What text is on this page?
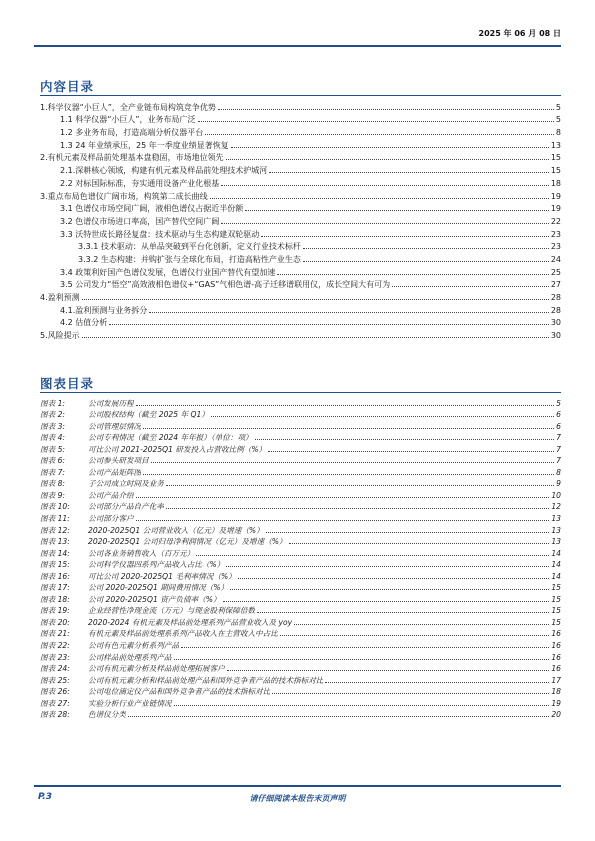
2025 年 06 月 08 日
内容目录
1.科学仪器“小巨人”，全产业链布局构筑竞争优势	5
1.1 科学仪器“小巨人”，业务布局广泛	5
1.2 多业务布局，打造高端分析仪器平台	8
1.3 24 年业绩承压，25 年一季度业绩显著恢复	13
2.有机元素及样品前处理基本盘稳固，市场地位领先	15
2.1.深耕核心领域，构建有机元素及样品前处理技术护城河	15
2.2 对标国际标准，夯实通用设备产业化根基	18
3.重点布局色谱仪广阔市场，构筑第二成长曲线	19
3.1 色谱仪市场空间广阔，液相色谱仪占据近半份额	19
3.2 色谱仪市场进口率高，国产替代空间广阔	22
3.3 沃特世成长路径复盘：技术驱动与生态构建双轮驱动	23
3.3.1 技术驱动：从单品突破到平台化创新，定义行业技术标杆	23
3.3.2 生态构建：并购扩张与全球化布局，打造高粘性产业生态	24
3.4 政策利好国产色谱仪发展，色谱仪行业国产替代有望加速	25
3.5 公司发力“悟空”高效液相色谱仪+“GAS”气相色谱-高子迁移谱联用仪，成长空间大有可为	27
4.盈利预测	28
4.1.盈利预测与业务拆分	28
4.2 估值分析	30
5.风险提示	30
图表目录
图表 1:	公司发展历程	5
图表 2:	公司股权结构（截至 2025 年 Q1）	6
图表 3:	公司管理层情况	6
图表 4:	公司专利情况（截至 2024 年年报）（单位：项）	7
图表 5:	可比公司 2021-2025Q1 研发投入占营收比例（%）	7
图表 6:	公司参头研发项目	7
图表 7:	公司产品矩阵图	8
图表 8:	子公司成立时间及业务	9
图表 9:	公司产品介绍	10
图表 10:	公司部分产品自产化率	12
图表 11:	公司部分客户	13
图表 12:	2020-2025Q1 公司营业收入（亿元）及增速（%）	13
图表 13:	2020-2025Q1 公司归母净利润情况（亿元）及增速（%）	13
图表 14:	公司各业务销售收入（百万元）	14
图表 15:	公司科学仪器四系列产品收入占比（%）	14
图表 16:	可比公司 2020-2025Q1 毛利率情况（%）	14
图表 17:	公司 2020-2025Q1 期间费用情况（%）	15
图表 18:	公司 2020-2025Q1 资产负债率（%）	15
图表 19:	企业经营性净现金流（万元）与现金股利保障倍数	15
图表 20:	2020-2024 有机元素及样品前处理系列产品营业收入及 yoy	15
图表 21:	有机元素及样品前处理系系列产品收入在主营收入中占比	16
图表 22:	公司有色元素分析系列产品	16
图表 23:	公司样品前处理系列产品	16
图表 24:	公司有机元素分析及样品前处理拓展客户	16
图表 25:	公司有机元素分析和样品前处理产品和国外竞争者产品的技术指标对比	17
图表 26:	公司电位滴定仪产品和国外竞争者产品的技术指标对比	18
图表 27:	实验分析行业产业链情况	19
图表 28:	色谱仪分类	20
请仔细阅读本报告末页声明
P.3
